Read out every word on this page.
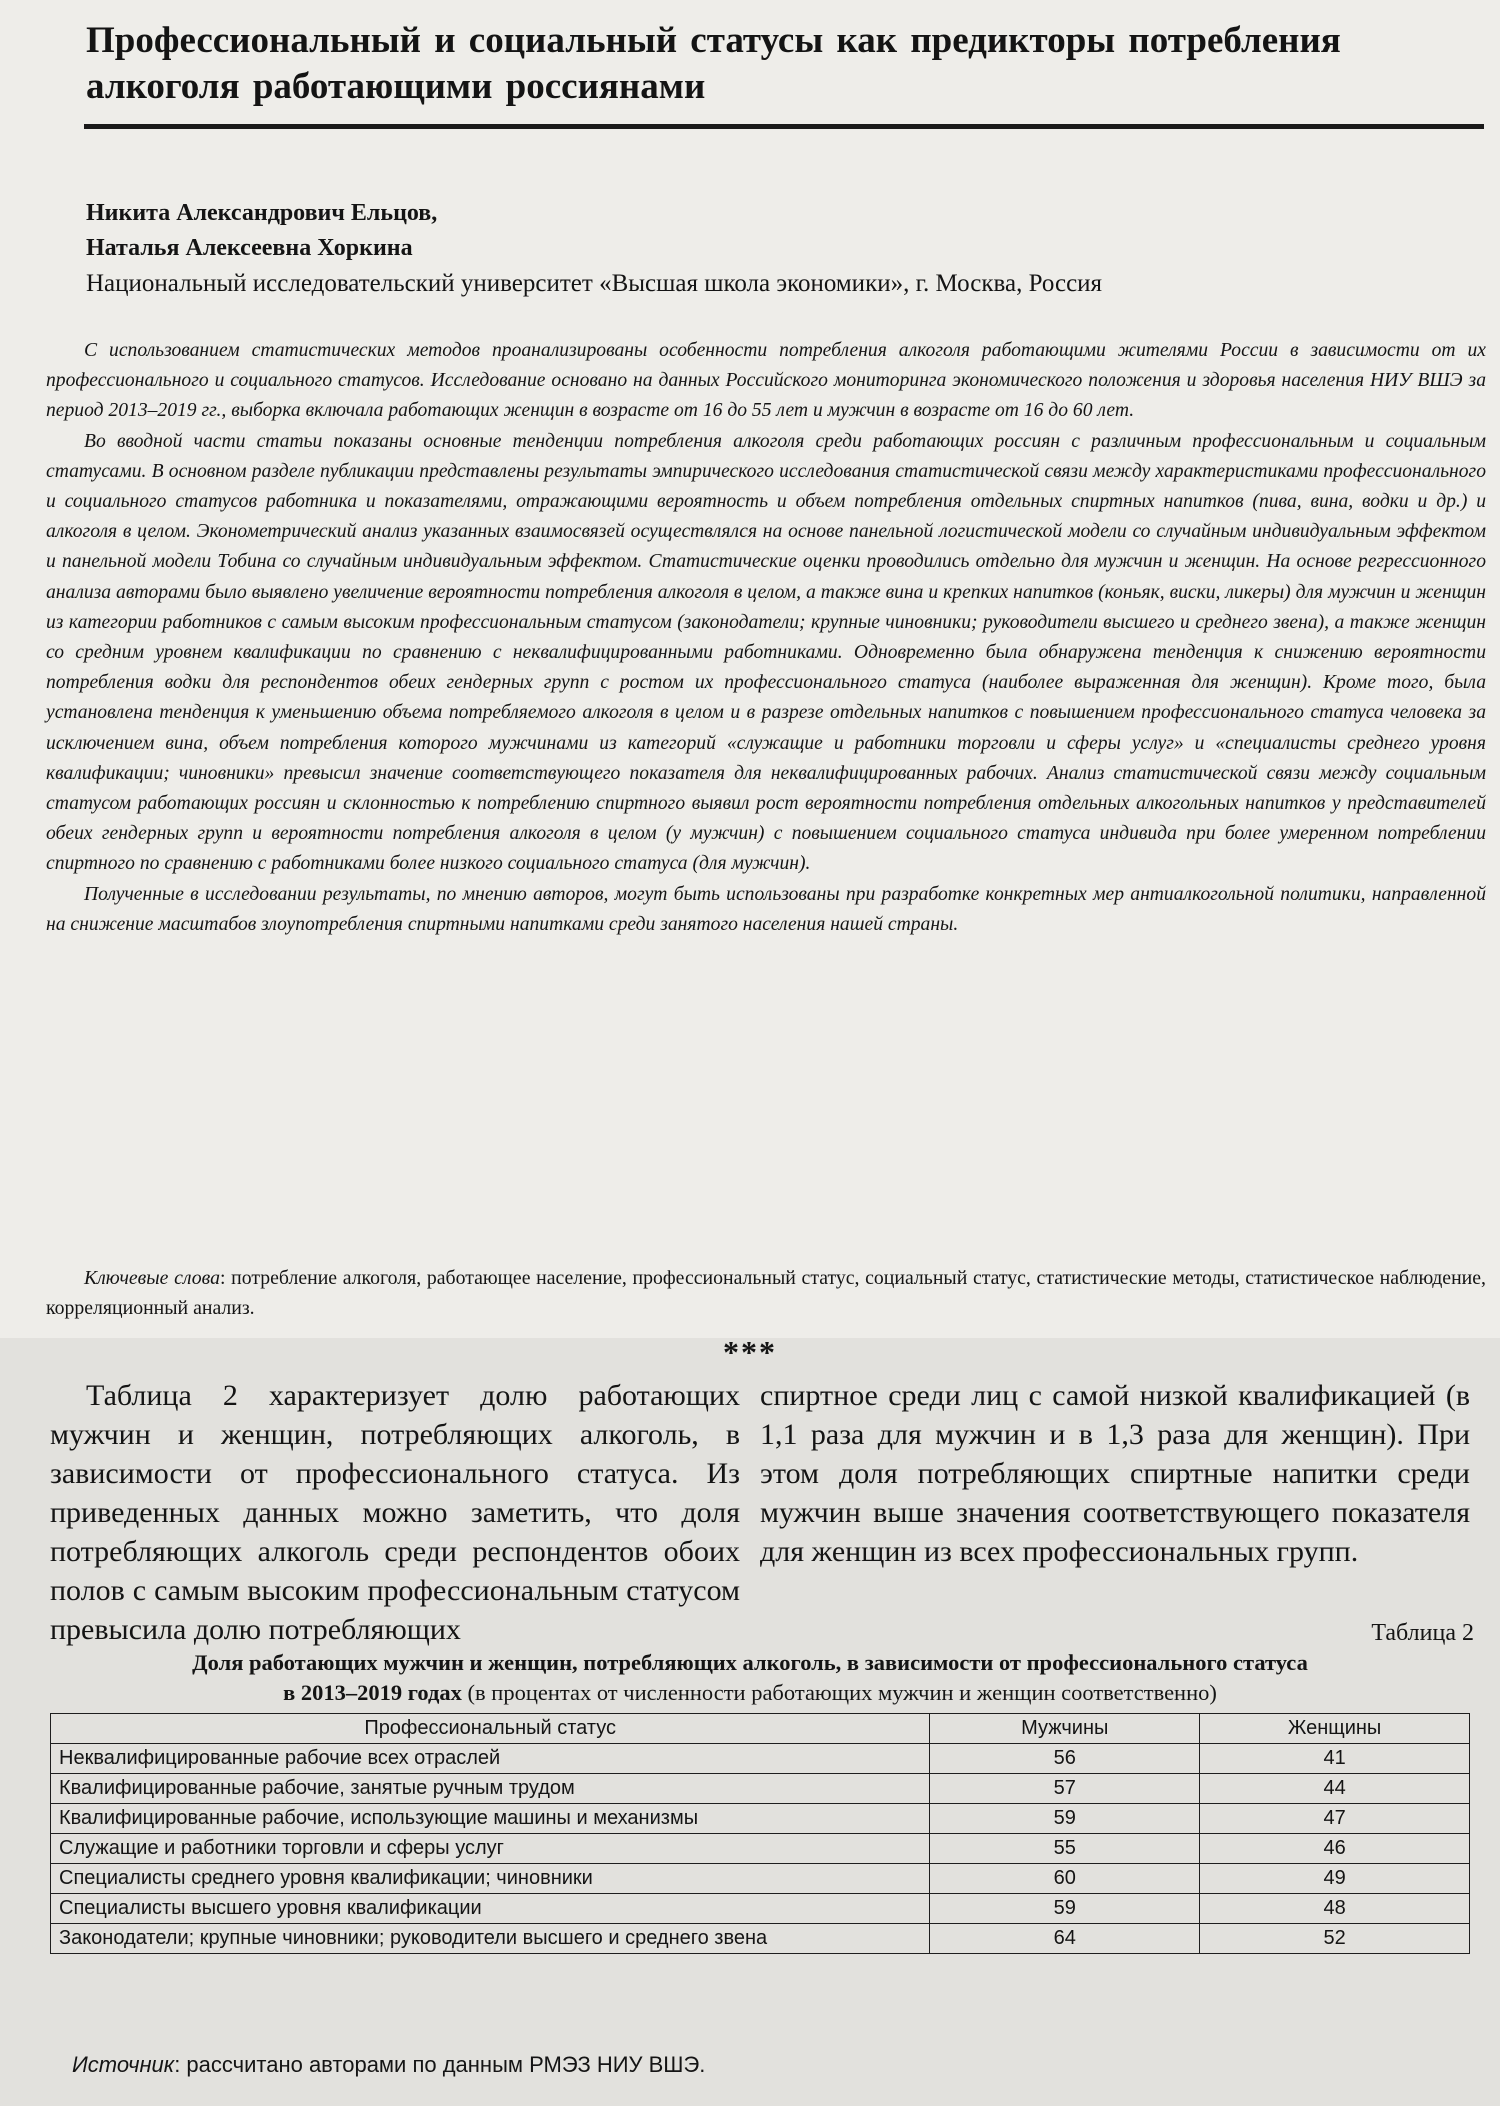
Профессиональный и социальный статусы как предикторы потребления алкоголя работающими россиянами
Никита Александрович Ельцов,
Наталья Алексеевна Хоркина
Национальный исследовательский университет «Высшая школа экономики», г. Москва, Россия

С использованием статистических методов проанализированы особенности потребления алкоголя работающими жителями России в зависимости от их профессионального и социального статусов. Исследование основано на данных Российского мониторинга экономического положения и здоровья населения НИУ ВШЭ за период 2013–2019 гг., выборка включала работающих женщин в возрасте от 16 до 55 лет и мужчин в возрасте от 16 до 60 лет.

Во вводной части статьи показаны основные тенденции потребления алкоголя среди работающих россиян с различным профессиональным и социальным статусами. В основном разделе публикации представлены результаты эмпирического исследования статистической связи между характеристиками профессионального и социального статусов работника и показателями, отражающими вероятность и объем потребления отдельных спиртных напитков (пива, вина, водки и др.) и алкоголя в целом. Эконометрический анализ указанных взаимосвязей осуществлялся на основе панельной логистической модели со случайным индивидуальным эффектом и панельной модели Тобина со случайным индивидуальным эффектом. Статистические оценки проводились отдельно для мужчин и женщин. На основе регрессионного анализа авторами было выявлено увеличение вероятности потребления алкоголя в целом, а также вина и крепких напитков (коньяк, виски, ликеры) для мужчин и женщин из категории работников с самым высоким профессиональным статусом (законодатели; крупные чиновники; руководители высшего и среднего звена), а также женщин со средним уровнем квалификации по сравнению с неквалифицированными работниками. Одновременно была обнаружена тенденция к снижению вероятности потребления водки для респондентов обеих гендерных групп с ростом их профессионального статуса (наиболее выраженная для женщин). Кроме того, была установлена тенденция к уменьшению объема потребляемого алкоголя в целом и в разрезе отдельных напитков с повышением профессионального статуса человека за исключением вина, объем потребления которого мужчинами из категорий «служащие и работники торговли и сферы услуг» и «специалисты среднего уровня квалификации; чиновники» превысил значение соответствующего показателя для неквалифицированных рабочих. Анализ статистической связи между социальным статусом работающих россиян и склонностью к потреблению спиртного выявил рост вероятности потребления отдельных алкогольных напитков у представителей обеих гендерных групп и вероятности потребления алкоголя в целом (у мужчин) с повышением социального статуса индивида при более умеренном потреблении спиртного по сравнению с работниками более низкого социального статуса (для мужчин).

Полученные в исследовании результаты, по мнению авторов, могут быть использованы при разработке конкретных мер антиалкогольной политики, направленной на снижение масштабов злоупотребления спиртными напитками среди занятого населения нашей страны.

Ключевые слова: потребление алкоголя, работающее население, профессиональный статус, социальный статус, статистические методы, статистическое наблюдение, корреляционный анализ.
***

Таблица 2 характеризует долю работающих мужчин и женщин, потребляющих алкоголь, в зависимости от профессионального статуса. Из приведенных данных можно заметить, что доля потребляющих алкоголь среди респондентов обоих полов с самым высоким профессиональным статусом превысила долю потребляющих

спиртное среди лиц с самой низкой квалификацией (в 1,1 раза для мужчин и в 1,3 раза для женщин). При этом доля потребляющих спиртные напитки среди мужчин выше значения соответствующего показателя для женщин из всех профессиональных групп.

Таблица 2
Доля работающих мужчин и женщин, потребляющих алкоголь, в зависимости от профессионального статуса
в 2013–2019 годах (в процентах от численности работающих мужчин и женщин соответственно)
Профессиональный статус	Мужчины	Женщины
Неквалифицированные рабочие всех отраслей	56	41
Квалифицированные рабочие, занятые ручным трудом	57	44
Квалифицированные рабочие, использующие машины и механизмы	59	47
Служащие и работники торговли и сферы услуг	55	46
Специалисты среднего уровня квалификации; чиновники	60	49
Специалисты высшего уровня квалификации	59	48
Законодатели; крупные чиновники; руководители высшего и среднего звена	64	52
Источник: рассчитано авторами по данным РМЭЗ НИУ ВШЭ.
